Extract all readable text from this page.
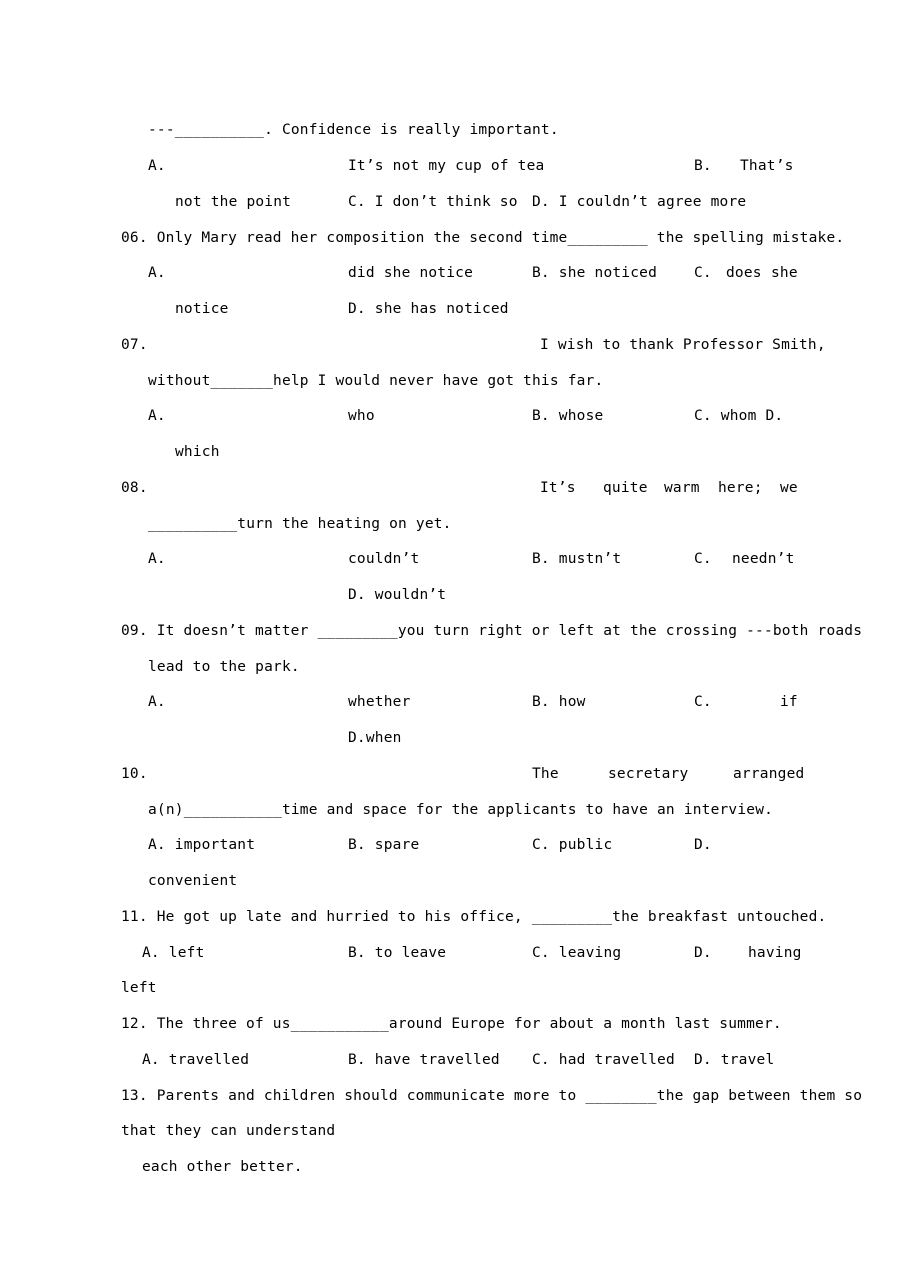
---__________. Confidence is really important.
A.	It’s not my cup of tea	B. That’s
not the point	C. I don’t think so D. I couldn’t agree more
06. Only Mary read her composition the second time_________ the spelling mistake.
A.	did she notice	B. she noticed	C. does she
notice	D. she has noticed
07.	I wish to thank Professor Smith,
without_______help I would never have got this far.
A.	who	B. whose	C. whom D.
which
08.	It’s quite warm here; we
__________turn the heating on yet.
A.	couldn’t	B. mustn’t	C. needn’t
D. wouldn’t
09. It doesn’t matter _________you turn right or left at the crossing ---both roads
lead to the park.
A.	whether	B. how	C.	if
D.when
10.	The	secretary	arranged
a(n)___________time and space for the applicants to have an interview.
A. important	B. spare	C. public	D.
convenient
11. He got up late and hurried to his office, _________the breakfast untouched.
A. left	B. to leave	C. leaving	D. having
left
12. The three of us___________around Europe for about a month last summer.
A. travelled	B. have travelled C. had travelled D. travel
13. Parents and children should communicate more to ________the gap between them so
that they can understand
each other better.
